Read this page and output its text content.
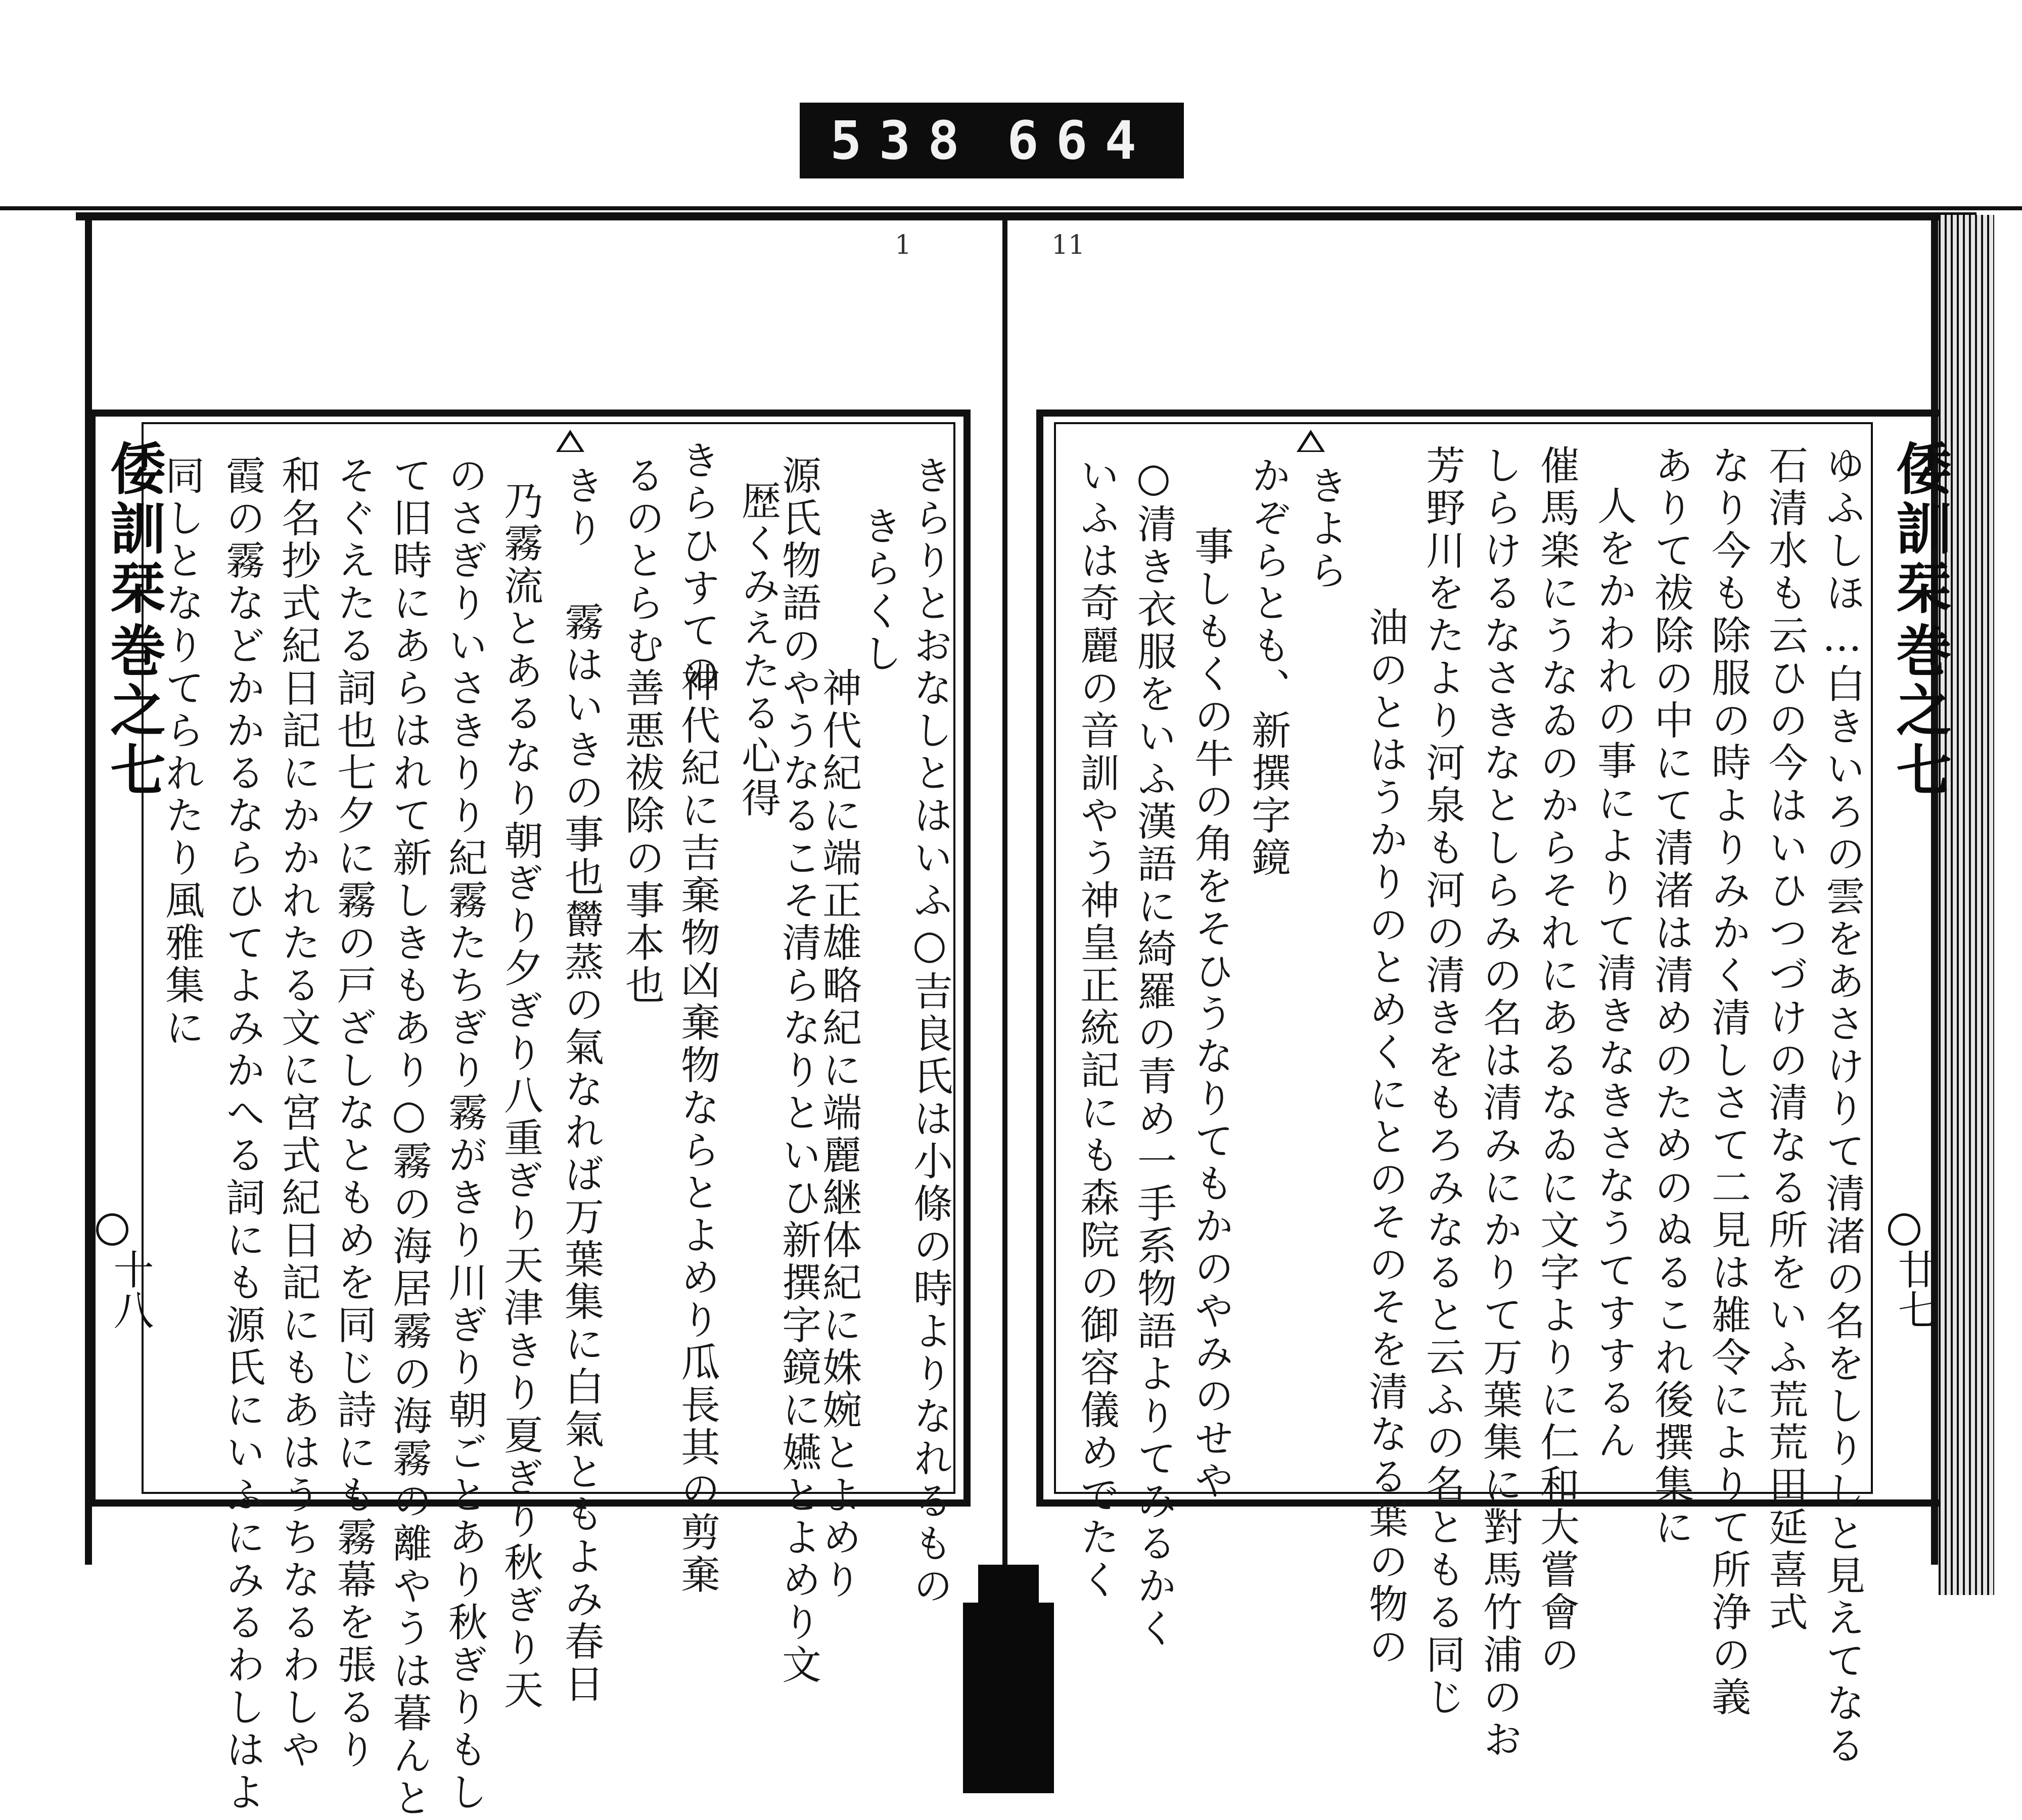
538 664
1	11
倭訓栞
巻之七
十八
倭訓栞
巻之七
廿七
ゆふしほ…白きいろの雲をあさけりて清渚の名をしりしと見えてなる
石清水も云ひの今はいひつづけの清なる所をいふ荒荒田延喜式
なり今も除服の時よりみかく清しさて二見は雑令によりて所浄の義
ありて祓除の中にて清渚は清めのためのぬるこれ後撰集に
人をかわれの事によりて清きなきさなうてすするん
催馬楽にうなゐのからそれにあるなゐに文字よりに仁和大嘗會の
しらけるなさきなとしらみの名は清みにかりて万葉集に對馬竹浦のお
芳野川をたより河泉も河の清きをもろみなると云ふの名ともる同じ
きよら
かぞらとも、新撰字鏡 油のとはうかりのとめくにとのそのそを清なる葉の物の
事しもくの牛の角をそひうなりてもかのやみのせや
○清き衣服をいふ漢語に綺羅の青め一手系物語よりてみるかく
いふは奇麗の音訓やう神皇正統記にも森院の御容儀めでたく
きらりとおなしとはいふ○吉良氏は小條の時よりなれるもの
きらくし
神代紀に端正雄略紀に端麗継体紀に姝婉とよめり
源氏物語のやうなるこそ清らなりといひ新撰字鏡に嬿とよめり文
歴くみえたる心得
きらひすての
神代紀に吉棄物凶棄物ならとよめり瓜長其の剪棄
るのとらむ善悪祓除の事本也
きり
霧はいきの事也欝蒸の氣なれば万葉集に白氣ともよみ春日
乃霧流とあるなり朝ぎり夕ぎり八重ぎり天津きり夏ぎり秋ぎり天
のさぎりいさきりり紀霧たちぎり霧がきり川ぎり朝ごとあり秋ぎりもし
て旧時にあらはれて新しきもあり○霧の海居霧の海霧の離やうは暮んと
そぐえたる詞也七夕に霧の戸ざしなともめを同じ詩にも霧幕を張るり
和名抄式紀日記にかかれたる文に宮式紀日記にもあはうちなるわしや
霞の霧などかかるならひてよみかへる詞にも源氏にいふにみるわしはよ
同しとなりてられたり風雅集に
